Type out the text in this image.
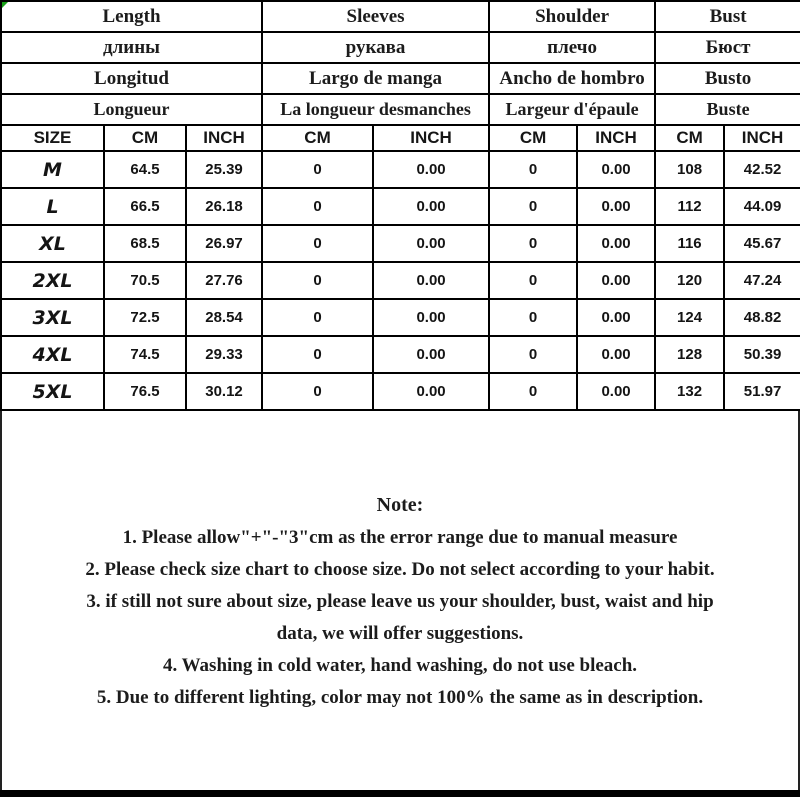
Length			Sleeves		Shoulder		Bust	
длины			рукава		плечо		Бюст	
Longitud			Largo de manga		Ancho de hombro		Busto	
Longueur			La longueur desmanches		Largeur d'épaule		Buste	
SIZE	CM	INCH	CM	INCH	CM	INCH	CM	INCH
M	64.5	25.39	0	0.00	0	0.00	108	42.52
L	66.5	26.18	0	0.00	0	0.00	112	44.09
XL	68.5	26.97	0	0.00	0	0.00	116	45.67
2XL	70.5	27.76	0	0.00	0	0.00	120	47.24
3XL	72.5	28.54	0	0.00	0	0.00	124	48.82
4XL	74.5	29.33	0	0.00	0	0.00	128	50.39
5XL	76.5	30.12	0	0.00	0	0.00	132	51.97
Note:
1. Please allow"+"-"3"cm as the error range due to manual measure
2. Please check size chart to choose size. Do not select according to your habit.
3. if still not sure about size, please leave us your shoulder, bust, waist and hip
data, we will offer suggestions.
4. Washing in cold water, hand washing, do not use bleach.
5. Due to different lighting, color may not 100% the same as in description.
